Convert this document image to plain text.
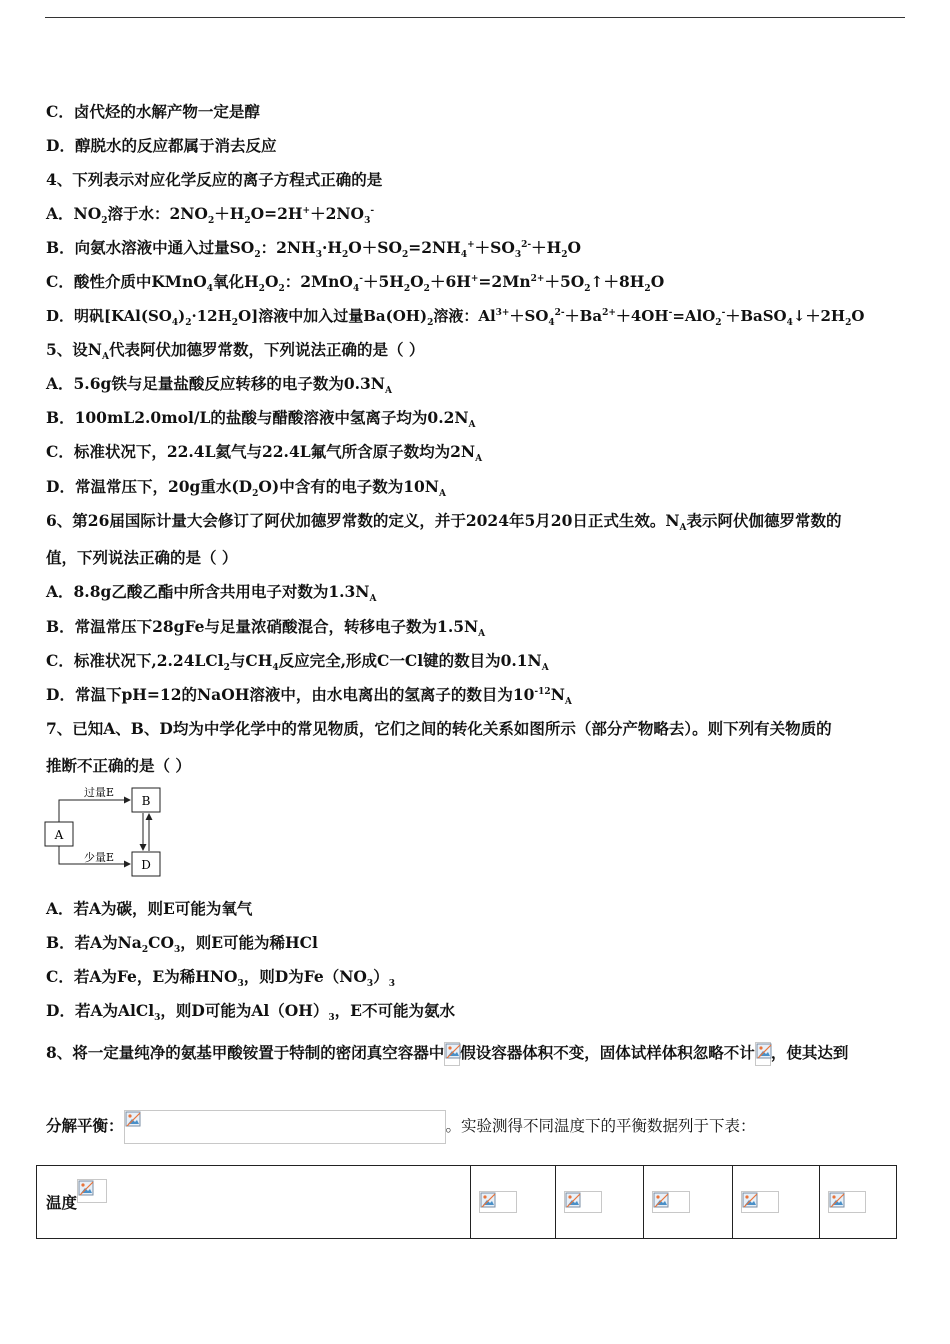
C．卤代烃的水解产物一定是醇
D．醇脱水的反应都属于消去反应
4、下列表示对应化学反应的离子方程式正确的是
A．$NO_2$溶于水：$2NO_2+H_2O=2H^++2NO_3^-$
B．向氨水溶液中通入过量$SO_2$：$2NH_3\cdot H_2O+SO_2=2NH_4^++SO_3^{2-}+H_2O$
C．酸性介质中KMnO$_4$氧化$H_2O_2$：$2MnO_4^-+5H_2O_2+6H^+=2Mn^{2+}+5O_2↑+8H_2O$
D．明矾$[KAl(SO_4)_2\cdot 12H_2O]$溶液中加入过量$Ba(OH)_2$溶液：$Al^{3+}+SO_4^{2-}+Ba^{2+}+4OH^-=AlO_2^-+BaSO_4↓+2H_2O$
5、设$N_A$代表阿伏加德罗常数，下列说法正确的是（ ）
A．5.6g铁与足量盐酸反应转移的电子数为$0.3N_A$
B．100mL2.0mol/L的盐酸与醋酸溶液中氢离子均为$0.2N_A$
C．标准状况下，22.4L氦气与22.4L氟气所含原子数均为$2N_A$
D．常温常压下，20g重水$(D_2O)$中含有的电子数为$10N_A$
6、第26届国际计量大会修订了阿伏加德罗常数的定义，并于2024年5月20日正式生效。$N_A$表示阿伏伽德罗常数的
值，下列说法正确的是（ ）
A．8.8g乙酸乙酯中所含共用电子对数为$1.3N_A$
B．常温常压下28gFe与足量浓硝酸混合，转移电子数为$1.5N_A$
C．标准状况下,2.24LCl$_2$与$CH_4$反应完全,形成C一Cl键的数目为$0.1N_A$
D．常温下pH=12的NaOH溶液中，由水电离出的氢离子的数目为$10^{-12}N_A$
7、已知A、B、D均为中学化学中的常见物质，它们之间的转化关系如图所示（部分产物略去）。则下列有关物质的
推断不正确的是（ ）
A
B
D
过量E
少量E
A．若A为碳，则E可能为氧气
B．若A为$Na_2CO_3$，则E可能为稀HCl
C．若A为Fe，E为稀$HNO_3$，则D为$Fe(NO_3)_3$
D．若A为AlCl$_3$，则D可能为$Al(OH)_3$，E不可能为氨水
8、将一定量纯净的氨基甲酸铵置于特制的密闭真空容器中 假设容器体积不变，固体试样体积忽略不计 ，使其达到
分解平衡：	。实验测得不同温度下的平衡数据列于下表：
温度
